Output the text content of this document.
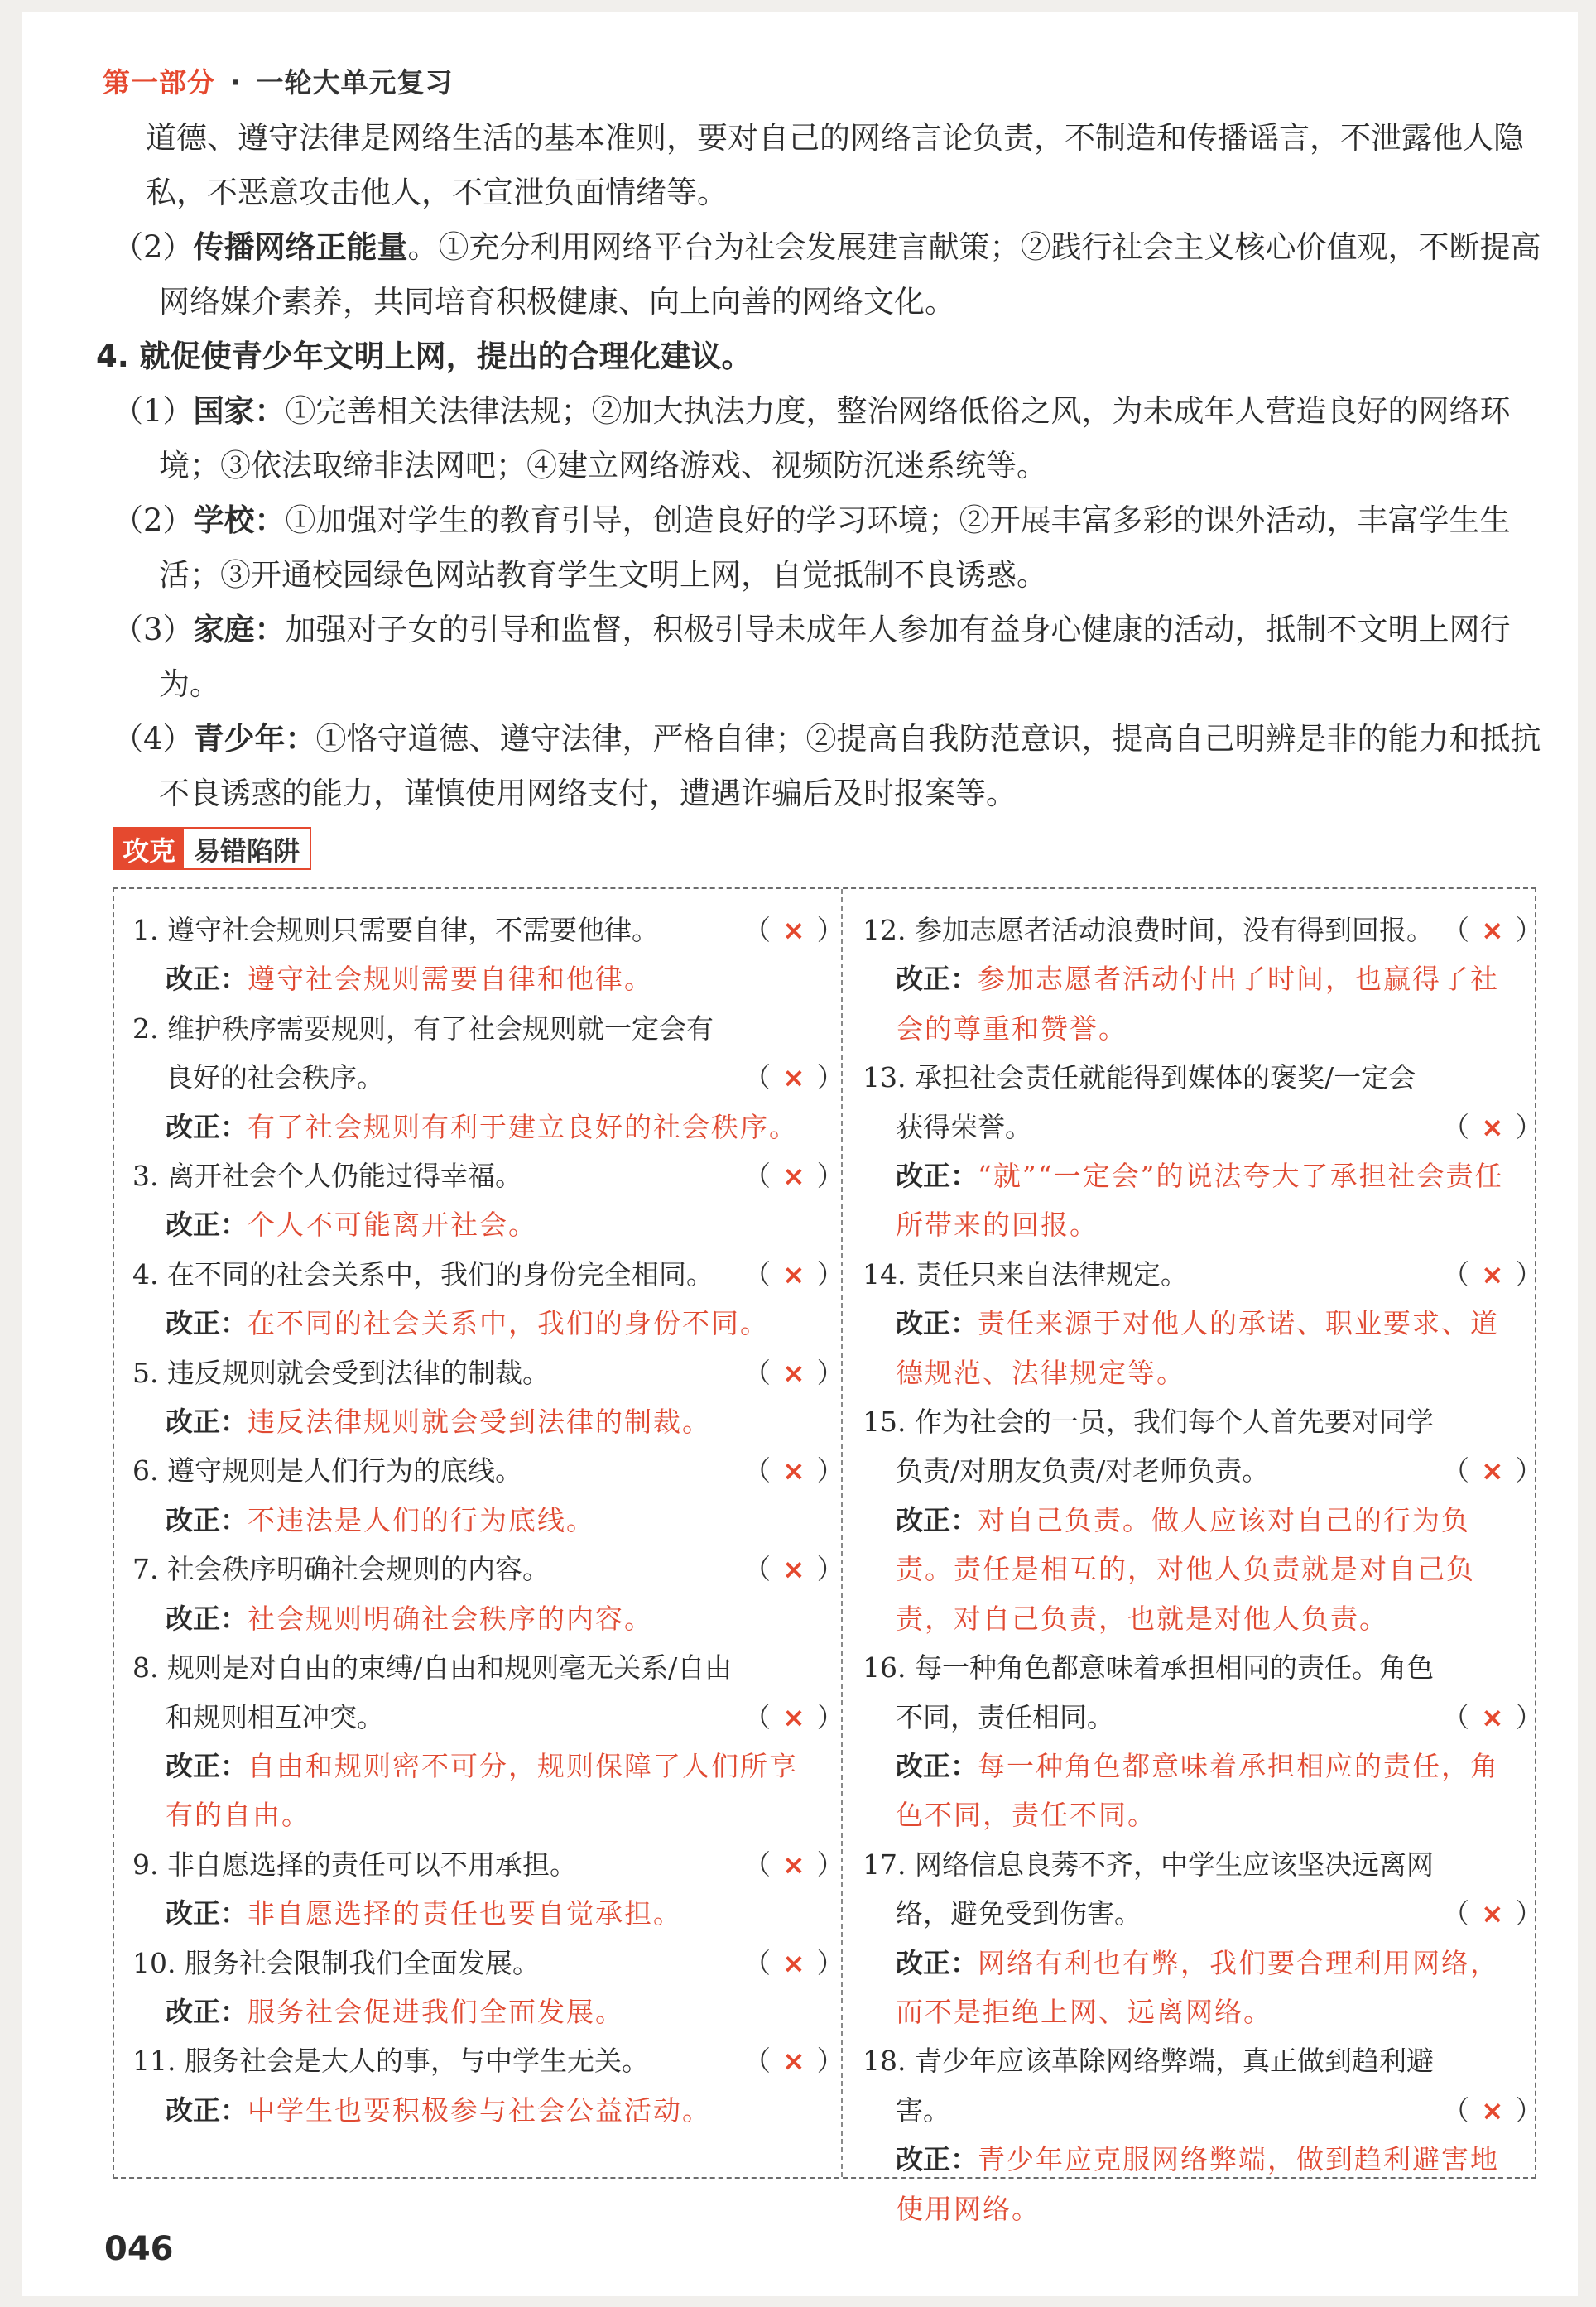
第一部分 · 一轮大单元复习

道德、遵守法律是网络生活的基本准则，要对自己的网络言论负责，不制造和传播谣言，不泄露他人隐私，不恶意攻击他人，不宣泄负面情绪等。

（2）传播网络正能量。①充分利用网络平台为社会发展建言献策；②践行社会主义核心价值观，不断提高网络媒介素养，共同培育积极健康、向上向善的网络文化。

4. 就促使青少年文明上网，提出的合理化建议。

（1）国家：①完善相关法律法规；②加大执法力度，整治网络低俗之风，为未成年人营造良好的网络环境；③依法取缔非法网吧；④建立网络游戏、视频防沉迷系统等。

（2）学校：①加强对学生的教育引导，创造良好的学习环境；②开展丰富多彩的课外活动，丰富学生生活；③开通校园绿色网站教育学生文明上网，自觉抵制不良诱惑。

（3）家庭：加强对子女的引导和监督，积极引导未成年人参加有益身心健康的活动，抵制不文明上网行为。

（4）青少年：①恪守道德、遵守法律，严格自律；②提高自我防范意识，提高自己明辨是非的能力和抵抗不良诱惑的能力，谨慎使用网络支付，遭遇诈骗后及时报案等。

攻克 易错陷阱
1. 遵守社会规则只需要自律，不需要他律。	（ × ）
改正：遵守社会规则需要自律和他律。
2. 维护秩序需要规则，有了社会规则就一定会有良好的社会秩序。	（ × ）
改正：有了社会规则有利于建立良好的社会秩序。
3. 离开社会个人仍能过得幸福。	（ × ）
改正：个人不可能离开社会。
4. 在不同的社会关系中，我们的身份完全相同。 （ × ）
改正：在不同的社会关系中，我们的身份不同。
5. 违反规则就会受到法律的制裁。	（ × ）
改正：违反法律规则就会受到法律的制裁。
6. 遵守规则是人们行为的底线。	（ × ）
改正：不违法是人们的行为底线。
7. 社会秩序明确社会规则的内容。	（ × ）
改正：社会规则明确社会秩序的内容。
8. 规则是对自由的束缚/自由和规则毫无关系/自由和规则相互冲突。	（ × ）
改正：自由和规则密不可分，规则保障了人们所享有的自由。
9. 非自愿选择的责任可以不用承担。	（ × ）
改正：非自愿选择的责任也要自觉承担。
10. 服务社会限制我们全面发展。	（ × ）
改正：服务社会促进我们全面发展。
11. 服务社会是大人的事，与中学生无关。	（ × ）
改正：中学生也要积极参与社会公益活动。
12. 参加志愿者活动浪费时间，没有得到回报。 （ × ）
改正：参加志愿者活动付出了时间，也赢得了社会的尊重和赞誉。
13. 承担社会责任就能得到媒体的褒奖/一定会获得荣誉。	（ × ）
改正：“就”“一定会”的说法夸大了承担社会责任所带来的回报。
14. 责任只来自法律规定。	（ × ）
改正：责任来源于对他人的承诺、职业要求、道德规范、法律规定等。
15. 作为社会的一员，我们每个人首先要对同学负责/对朋友负责/对老师负责。	（ × ）
改正：对自己负责。做人应该对自己的行为负责。责任是相互的，对他人负责就是对自己负责，对自己负责，也就是对他人负责。
16. 每一种角色都意味着承担相同的责任。角色不同，责任相同。	（ × ）
改正：每一种角色都意味着承担相应的责任，角色不同，责任不同。
17. 网络信息良莠不齐，中学生应该坚决远离网络，避免受到伤害。	（ × ）
改正：网络有利也有弊，我们要合理利用网络，而不是拒绝上网、远离网络。
18. 青少年应该革除网络弊端，真正做到趋利避害。	（ × ）
改正：青少年应克服网络弊端，做到趋利避害地使用网络。
046
